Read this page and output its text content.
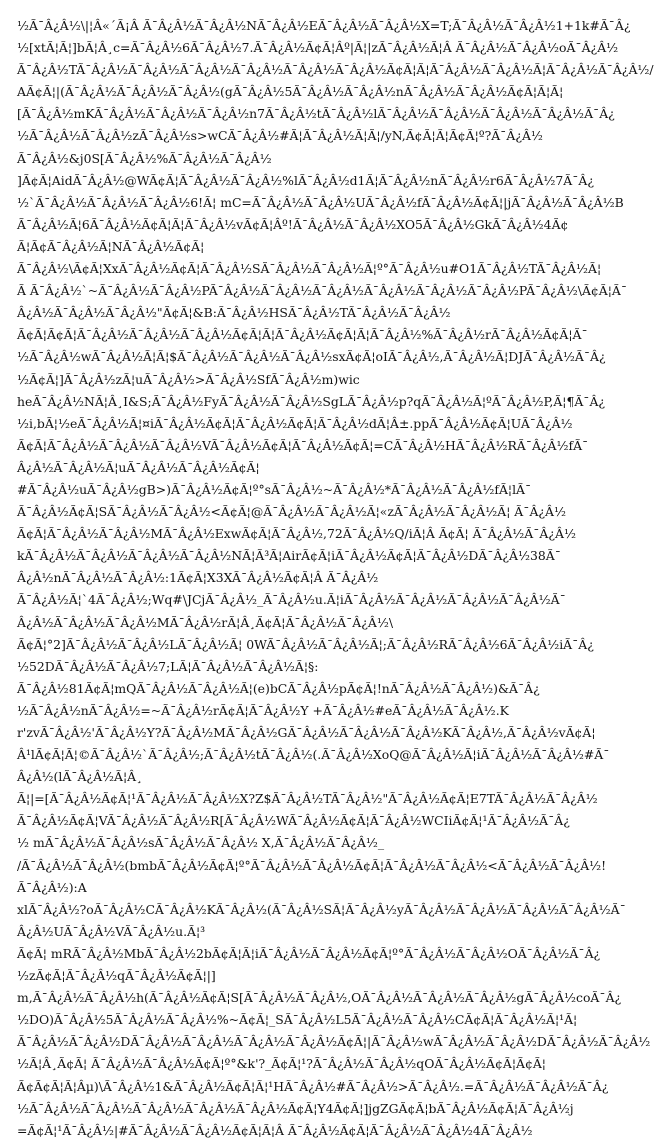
½Ã¯Â¿Â½\|¦Â«´Ã¡Â Ã¯Â¿Â½Ã¯Â¿Â½NÃ¯Â¿Â½EÃ¯Â¿Â½Ã¯Â¿Â½X=T;Ã¯Â¿Â½Ã¯Â¿Â½1+1k#Ã¯Â¿
½[xtÃ¦Ã¦]bÃ¦Â¸c=Ã¯Â¿Â½6Ã¯Â¿Â½7.Ã¯Â¿Â½Ã¢Ã¦Âº|Ã¦|zÃ¯Â¿Â½Ã¦Â Ã¯Â¿Â½Ã¯Â¿Â½oÃ¯Â¿Â½
Ã¯Â¿Â½TÃ¯Â¿Â½Ã¯Â¿Â½Ã¯Â¿Â½Ã¯Â¿Â½Ã¯Â¿Â½Ã¯Â¿Â½Ã¢Ã¦Ã¦Ã¯Â¿Â½Ã¯Â¿Â½Ã¦Ã¯Â¿Â½Ã¯Â¿Â½/
AÃ¢Ã¦|(Ã¯Â¿Â½Ã¯Â¿Â½Ã¯Â¿Â½(gÃ¯Â¿Â½5Ã¯Â¿Â½Ã¯Â¿Â½nÃ¯Â¿Â½Ã¯Â¿Â½Ã¢Ã¦Ã¦Ã¦
[Ã¯Â¿Â½mKÃ¯Â¿Â½Ã¯Â¿Â½Ã¯Â¿Â½n7Ã¯Â¿Â½tÃ¯Â¿Â½lÃ¯Â¿Â½Ã¯Â¿Â½Ã¯Â¿Â½Ã¯Â¿Â½Ã¯Â¿
½Ã¯Â¿Â½Ã¯Â¿Â½zÃ¯Â¿Â½s>wCÃ¯Â¿Â½#Ã¦Ã¯Â¿Â½Ã¦Ã¦/yN,Ã¢Ã¦Ã¦Ã¢Ã¦º?Ã¯Â¿Â½
Ã¯Â¿Â½&j0S[Ã¯Â¿Â½%Ã¯Â¿Â½Ã¯Â¿Â½
]Ã¢Ã¦AidÃ¯Â¿Â½@WÃ¢Ã¦Ã¯Â¿Â½Ã¯Â¿Â½%lÃ¯Â¿Â½d1Ã¦Ã¯Â¿Â½nÃ¯Â¿Â½r6Ã¯Â¿Â½7Ã¯Â¿
½`Ã¯Â¿Â½Ã¯Â¿Â½Ã¯Â¿Â½6!Ã¦ mC=Ã¯Â¿Â½Ã¯Â¿Â½UÃ¯Â¿Â½fÃ¯Â¿Â½Ã¢Ã¦|jÃ¯Â¿Â½Ã¯Â¿Â½B
Ã¯Â¿Â½Ã¦6Ã¯Â¿Â½Ã¢Ã¦Ã¦Ã¯Â¿Â½vÃ¢Ã¦Âº!Ã¯Â¿Â½Ã¯Â¿Â½XO5Ã¯Â¿Â½GkÃ¯Â¿Â½4Ã¢
Ã¦Ã¢Ã¯Â¿Â½Ã¦NÃ¯Â¿Â½Ã¢Ã¦
Ã¯Â¿Â½\Ã¢Ã¦XxÃ¯Â¿Â½Ã¢Ã¦Ã¯Â¿Â½SÃ¯Â¿Â½Ã¯Â¿Â½Ã¦º°Ã¯Â¿Â½u#O1Ã¯Â¿Â½TÃ¯Â¿Â½Ã¦
Ã Ã¯Â¿Â½`~Ã¯Â¿Â½Ã¯Â¿Â½PÃ¯Â¿Â½Ã¯Â¿Â½Ã¯Â¿Â½Ã¯Â¿Â½Ã¯Â¿Â½Ã¯Â¿Â½PÃ¯Â¿Â½\Ã¢Ã¦Ã¯
Â¿Â½Ã¯Â¿Â½Ã¯Â¿Â½"Ã¢Ã¦&B:Ã¯Â¿Â½HSÃ¯Â¿Â½TÃ¯Â¿Â½Ã¯Â¿Â½
Ã¢Ã¦Ã¢Ã¦Ã¯Â¿Â½Ã¯Â¿Â½Ã¯Â¿Â½Ã¢Ã¦Ã¦Ã¯Â¿Â½Ã¢Ã¦Ã¦Ã¯Â¿Â½%Ã¯Â¿Â½rÃ¯Â¿Â½Ã¢Ã¦Ã¯
½Ã¯Â¿Â½wÃ¯Â¿Â½Ã¦Ã¦$Ã¯Â¿Â½Ã¯Â¿Â½Ã¯Â¿Â½sxÃ¢Ã¦oIÃ¯Â¿Â½,Ã¯Â¿Â½Ã¦DJÃ¯Â¿Â½Ã¯Â¿
½Ã¢Ã¦]Ã¯Â¿Â½zÃ¦uÃ¯Â¿Â½>Ã¯Â¿Â½SfÃ¯Â¿Â½m)wic
heÃ¯Â¿Â½NÃ¦Â¸I&S;Ã¯Â¿Â½FyÃ¯Â¿Â½Ã¯Â¿Â½SgLÃ¯Â¿Â½p?qÃ¯Â¿Â½Ã¦ºÃ¯Â¿Â½P,Ã¦¶Ã¯Â¿
½i,bÃ¦½eÃ¯Â¿Â½Ã¦¤iÃ¯Â¿Â½Ã¢Ã¦Ã¯Â¿Â½Ã¢Ã¦Ã¯Â¿Â½dÃ¦Â±.ppÃ¯Â¿Â½Ã¢Ã¦UÃ¯Â¿Â½
Ã¢Ã¦Ã¯Â¿Â½Ã¯Â¿Â½Ã¯Â¿Â½VÃ¯Â¿Â½Ã¢Ã¦Ã¯Â¿Â½Ã¢Ã¦=CÃ¯Â¿Â½HÃ¯Â¿Â½RÃ¯Â¿Â½fÃ¯
Â¿Â½Ã¯Â¿Â½Ã¦uÃ¯Â¿Â½Ã¯Â¿Â½Ã¢Ã¦
#Ã¯Â¿Â½uÃ¯Â¿Â½gB>)Ã¯Â¿Â½Ã¢Ã¦º°sÃ¯Â¿Â½~Ã¯Â¿Â½*Ã¯Â¿Â½Ã¯Â¿Â½fÃ¦lÃ¯
Ã¯Â¿Â½Ã¢Ã¦SÃ¯Â¿Â½Ã¯Â¿Â½<Ã¢Ã¦@Ã¯Â¿Â½Ã¯Â¿Â½Ã¦«zÃ¯Â¿Â½Ã¯Â¿Â½Ã¦ Ã¯Â¿Â½
Ã¢Ã¦Ã¯Â¿Â½Ã¯Â¿Â½MÃ¯Â¿Â½ExwÃ¢Ã¦Ã¯Â¿Â½,72Ã¯Â¿Â½Q/iÃ¦Â Ã¢Ã¦ Ã¯Â¿Â½Ã¯Â¿Â½
kÃ¯Â¿Â½Ã¯Â¿Â½Ã¯Â¿Â½Ã¯Â¿Â½NÃ¦Ã³Ã¦AirÃ¢Ã¦iÃ¯Â¿Â½Ã¢Ã¦Ã¯Â¿Â½DÃ¯Â¿Â½38Ã¯
Â¿Â½nÃ¯Â¿Â½Ã¯Â¿Â½:1Ã¢Ã¦X3XÃ¯Â¿Â½Ã¢Ã¦Â Ã¯Â¿Â½
Ã¯Â¿Â½Ã¦`4Ã¯Â¿Â½;Wq#\JCjÃ¯Â¿Â½_Ã¯Â¿Â½u.Ã¦iÃ¯Â¿Â½Ã¯Â¿Â½Ã¯Â¿Â½Ã¯Â¿Â½Ã¯
Â¿Â½Ã¯Â¿Â½Ã¯Â¿Â½MÃ¯Â¿Â½rÃ¦Â¸Ã¢Ã¦Ã¯Â¿Â½Ã¯Â¿Â½\
Ã¢Ã¦°2]Ã¯Â¿Â½Ã¯Â¿Â½LÃ¯Â¿Â½Ã¦ 0WÃ¯Â¿Â½Ã¯Â¿Â½Ã¦;Ã¯Â¿Â½RÃ¯Â¿Â½6Ã¯Â¿Â½iÃ¯Â¿
½52DÃ¯Â¿Â½Ã¯Â¿Â½7;LÃ¦Ã¯Â¿Â½Ã¯Â¿Â½Ã¦§:
Ã¯Â¿Â½81Ã¢Ã¦mQÃ¯Â¿Â½Ã¯Â¿Â½Ã¦(e)bCÃ¯Â¿Â½pÃ¢Ã¦!nÃ¯Â¿Â½Ã¯Â¿Â½)&Ã¯Â¿
½Ã¯Â¿Â½nÃ¯Â¿Â½=~Ã¯Â¿Â½rÃ¢Ã¦Ã¯Â¿Â½Y +Ã¯Â¿Â½#eÃ¯Â¿Â½Ã¯Â¿Â½.K
r'zvÃ¯Â¿Â½'Ã¯Â¿Â½Y?Ã¯Â¿Â½MÃ¯Â¿Â½GÃ¯Â¿Â½Ã¯Â¿Â½Ã¯Â¿Â½KÃ¯Â¿Â½,Ã¯Â¿Â½vÃ¢Ã¦
Â¹lÃ¢Ã¦Ã¦©Ã¯Â¿Â½`Ã¯Â¿Â½;Ã¯Â¿Â½tÃ¯Â¿Â½(.Ã¯Â¿Â½XoQ@Ã¯Â¿Â½Ã¦iÃ¯Â¿Â½Ã¯Â¿Â½#Ã¯
Â¿Â½(lÃ¯Â¿Â½Ã¦Â¸
Ã¦|=[Ã¯Â¿Â½Ã¢Ã¦¹Ã¯Â¿Â½Ã¯Â¿Â½X?Z$Ã¯Â¿Â½TÃ¯Â¿Â½"Ã¯Â¿Â½Ã¢Ã¦E7TÃ¯Â¿Â½Ã¯Â¿Â½
Ã¯Â¿Â½Ã¢Ã¦VÃ¯Â¿Â½Ã¯Â¿Â½R[Ã¯Â¿Â½WÃ¯Â¿Â½Ã¢Ã¦Ã¯Â¿Â½WCIiÃ¢Ã¦¹Ã¯Â¿Â½Ã¯Â¿
½ mÃ¯Â¿Â½Ã¯Â¿Â½sÃ¯Â¿Â½Ã¯Â¿Â½ X,Ã¯Â¿Â½Ã¯Â¿Â½_
/Ã¯Â¿Â½Ã¯Â¿Â½(bmbÃ¯Â¿Â½Ã¢Ã¦º°Ã¯Â¿Â½Ã¯Â¿Â½Ã¢Ã¦Ã¯Â¿Â½Ã¯Â¿Â½<Ã¯Â¿Â½Ã¯Â¿Â½!
Ã¯Â¿Â½):A
xlÃ¯Â¿Â½?oÃ¯Â¿Â½CÃ¯Â¿Â½KÃ¯Â¿Â½(Ã¯Â¿Â½SÃ¦Ã¯Â¿Â½yÃ¯Â¿Â½Ã¯Â¿Â½Ã¯Â¿Â½Ã¯Â¿Â½Ã¯
Â¿Â½UÃ¯Â¿Â½VÃ¯Â¿Â½u.Ã¦³
Ã¢Ã¦ mRÃ¯Â¿Â½MbÃ¯Â¿Â½2bÃ¢Ã¦Ã¦iÃ¯Â¿Â½Ã¯Â¿Â½Ã¢Ã¦º°Ã¯Â¿Â½Ã¯Â¿Â½OÃ¯Â¿Â½Ã¯Â¿
½zÃ¢Ã¦Ã¯Â¿Â½qÃ¯Â¿Â½Ã¢Ã¦|]
m,Ã¯Â¿Â½Ã¯Â¿Â½h(Ã¯Â¿Â½Ã¢Ã¦S[Ã¯Â¿Â½Ã¯Â¿Â½,OÃ¯Â¿Â½Ã¯Â¿Â½Ã¯Â¿Â½gÃ¯Â¿Â½coÃ¯Â¿
½DO)Ã¯Â¿Â½5Ã¯Â¿Â½Ã¯Â¿Â½%~Ã¢Ã¦_SÃ¯Â¿Â½L5Ã¯Â¿Â½Ã¯Â¿Â½CÃ¢Ã¦Ã¯Â¿Â½Ã¦¹Ã¦
Ã¯Â¿Â½Ã¯Â¿Â½DÃ¯Â¿Â½Ã¯Â¿Â½Ã¯Â¿Â½Ã¯Â¿Â½Ã¢Ã¦|Ã¯Â¿Â½wÃ¯Â¿Â½Ã¯Â¿Â½DÃ¯Â¿Â½Ã¯Â¿Â½
½Ã¦Â¸Ã¢Ã¦ Ã¯Â¿Â½Ã¯Â¿Â½Ã¢Ã¦º°&k'?_Ã¢Ã¦¹?Ã¯Â¿Â½Ã¯Â¿Â½qOÃ¯Â¿Â½Ã¢Ã¦Ã¢Ã¦
Ã¢Ã¢Ã¦Ã¦Âµ)\Ã¯Â¿Â½1&Ã¯Â¿Â½Ã¢Ã¦Ã¦¹HÃ¯Â¿Â½#Ã¯Â¿Â½>Ã¯Â¿Â½.=Ã¯Â¿Â½Ã¯Â¿Â½Ã¯Â¿
½Ã¯Â¿Â½Ã¯Â¿Â½Ã¯Â¿Â½Ã¯Â¿Â½Ã¯Â¿Â½Ã¢Ã¦Y4Ã¢Ã¦]jgZGÃ¢Ã¦bÃ¯Â¿Â½Ã¢Ã¦Ã¯Â¿Â½j
=Ã¢Ã¦¹Ã¯Â¿Â½|#Ã¯Â¿Â½Ã¯Â¿Â½Ã¢Ã¦Ã¦Â Ã¯Â¿Â½Ã¢Ã¦Ã¯Â¿Â½Ã¯Â¿Â½4Ã¯Â¿Â½
